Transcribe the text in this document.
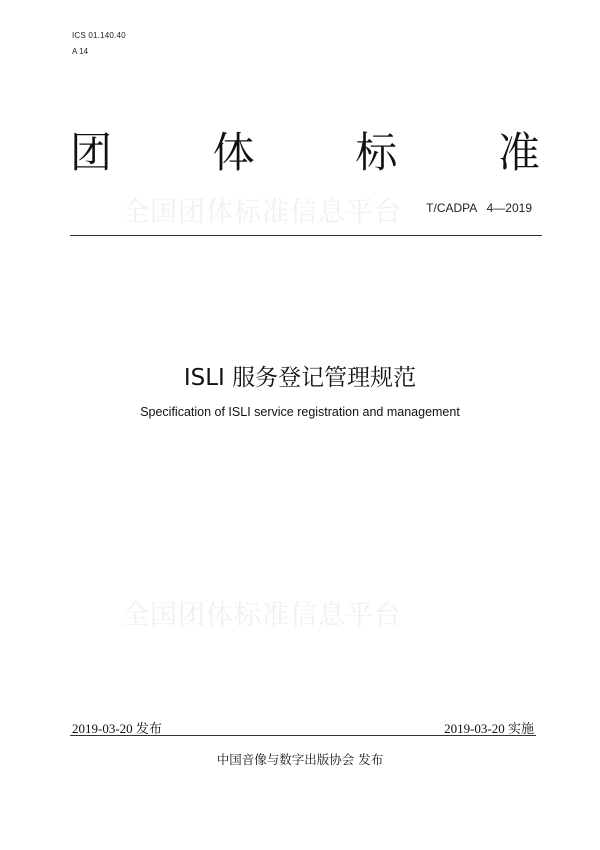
ICS 01.140.40
A 14
团 体 标 准
全国团体标准信息平台 T/CADPA   4—2019
ISLI 服务登记管理规范
Specification of ISLI service registration and management
全国团体标准信息平台
2019-03-20 发布	2019-03-20 实施
中国音像与数字出版协会 发布
